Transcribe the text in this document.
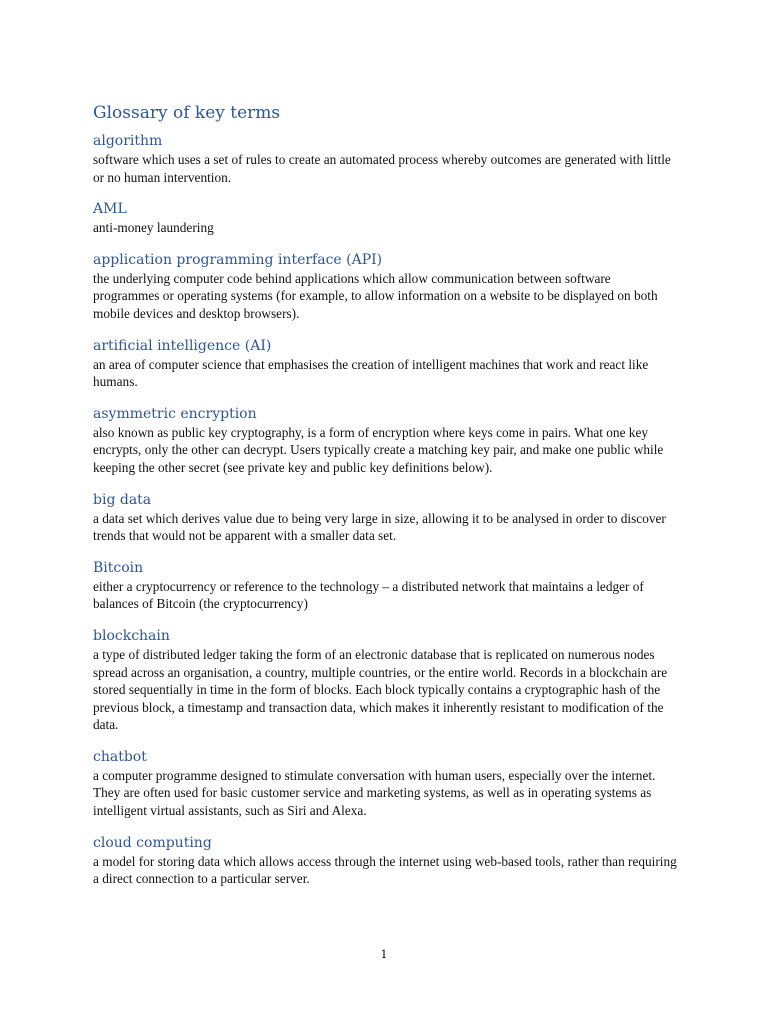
Glossary of key terms
algorithm

software which uses a set of rules to create an automated process whereby outcomes are generated with little or no human intervention.

AML

anti-money laundering

application programming interface (API)

the underlying computer code behind applications which allow communication between software programmes or operating systems (for example, to allow information on a website to be displayed on both mobile devices and desktop browsers).

artificial intelligence (AI)

an area of computer science that emphasises the creation of intelligent machines that work and react like humans.

asymmetric encryption

also known as public key cryptography, is a form of encryption where keys come in pairs. What one key encrypts, only the other can decrypt. Users typically create a matching key pair, and make one public while keeping the other secret (see private key and public key definitions below).

big data

a data set which derives value due to being very large in size, allowing it to be analysed in order to discover trends that would not be apparent with a smaller data set.

Bitcoin

either a cryptocurrency or reference to the technology – a distributed network that maintains a ledger of balances of Bitcoin (the cryptocurrency)

blockchain

a type of distributed ledger taking the form of an electronic database that is replicated on numerous nodes spread across an organisation, a country, multiple countries, or the entire world. Records in a blockchain are stored sequentially in time in the form of blocks. Each block typically contains a cryptographic hash of the previous block, a timestamp and transaction data, which makes it inherently resistant to modification of the data.

chatbot

a computer programme designed to stimulate conversation with human users, especially over the internet. They are often used for basic customer service and marketing systems, as well as in operating systems as intelligent virtual assistants, such as Siri and Alexa.

cloud computing

a model for storing data which allows access through the internet using web-based tools, rather than requiring a direct connection to a particular server.

1
